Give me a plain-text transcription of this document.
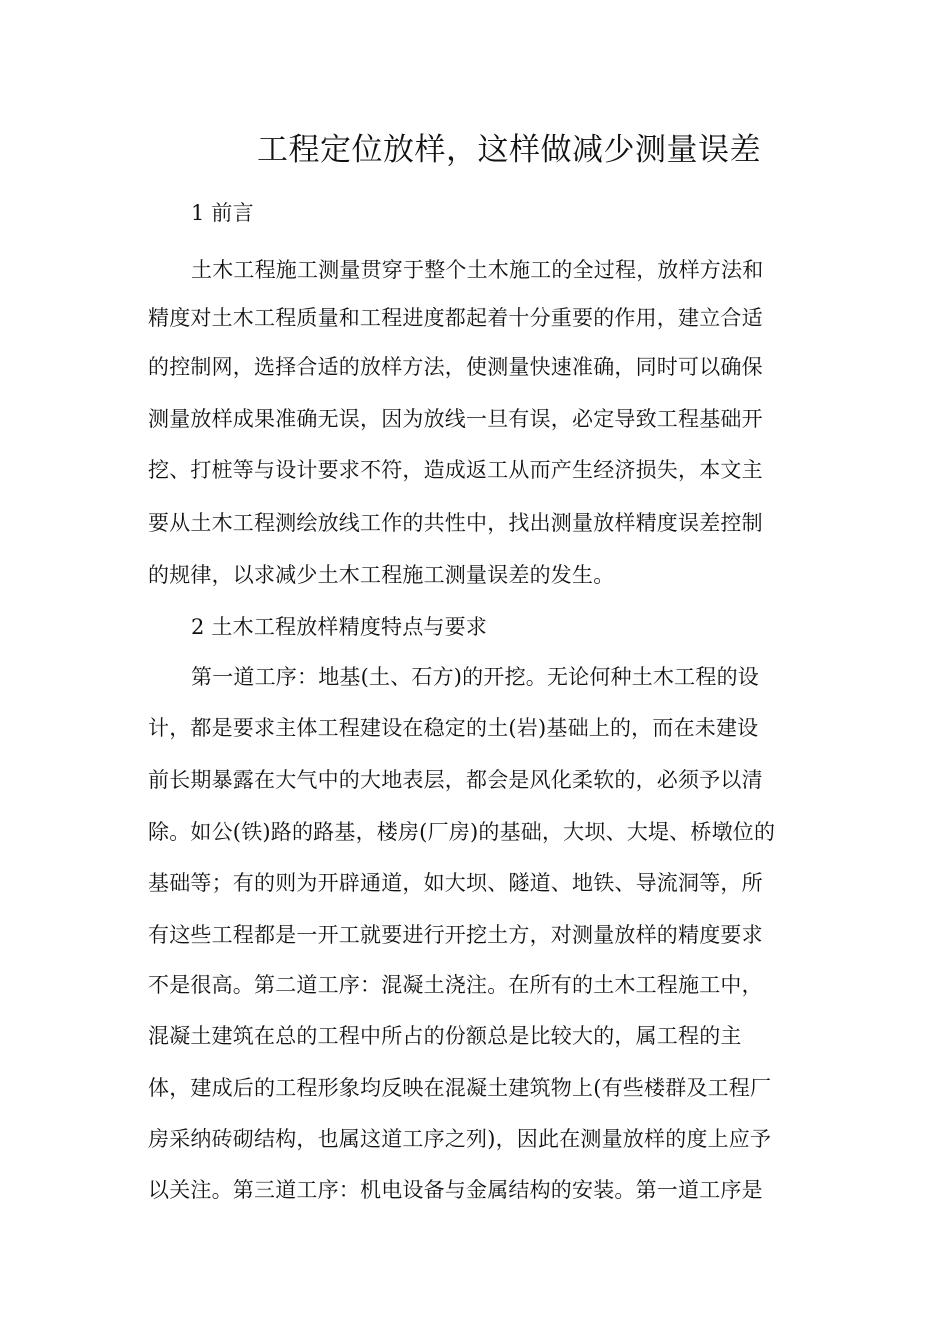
工程定位放样，这样做减少测量误差
1 前言
土木工程施工测量贯穿于整个土木施工的全过程，放样方法和
精度对土木工程质量和工程进度都起着十分重要的作用，建立合适
的控制网，选择合适的放样方法，使测量快速准确，同时可以确保
测量放样成果准确无误，因为放线一旦有误，必定导致工程基础开
挖、打桩等与设计要求不符，造成返工从而产生经济损失，本文主
要从土木工程测绘放线工作的共性中，找出测量放样精度误差控制
的规律，以求减少土木工程施工测量误差的发生。
2 土木工程放样精度特点与要求
第一道工序：地基(土、石方)的开挖。无论何种土木工程的设
计，都是要求主体工程建设在稳定的土(岩)基础上的，而在未建设
前长期暴露在大气中的大地表层，都会是风化柔软的，必须予以清
除。如公(铁)路的路基，楼房(厂房)的基础，大坝、大堤、桥墩位的
基础等；有的则为开辟通道，如大坝、隧道、地铁、导流洞等，所
有这些工程都是一开工就要进行开挖土方，对测量放样的精度要求
不是很高。第二道工序：混凝土浇注。在所有的土木工程施工中，
混凝土建筑在总的工程中所占的份额总是比较大的，属工程的主
体，建成后的工程形象均反映在混凝土建筑物上(有些楼群及工程厂
房采纳砖砌结构，也属这道工序之列)，因此在测量放样的度上应予
以关注。第三道工序：机电设备与金属结构的安装。第一道工序是
